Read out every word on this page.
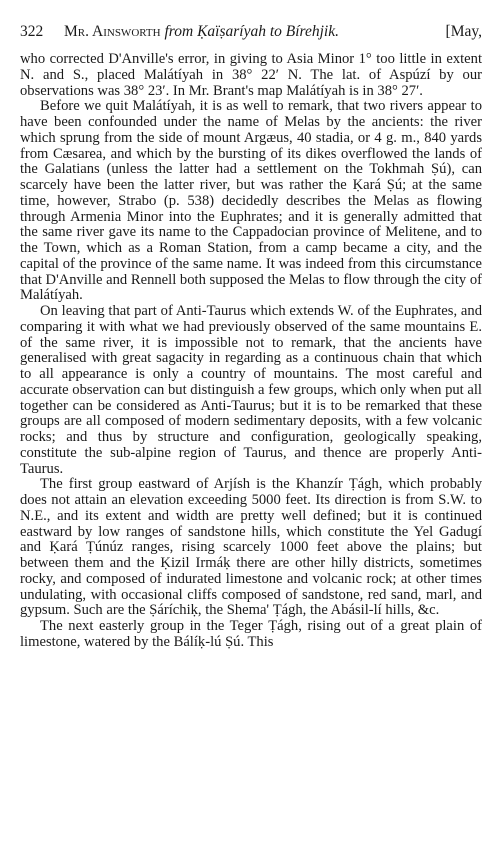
322 Mr. Ainsworth from Ḳaïṣaríyah to Bírehjik.	[May,

who corrected D'Anville's error, in giving to Asia Minor 1° too little in extent N. and S., placed Malátíyah in 38° 22′ N. The lat. of Aspúzí by our observations was 38° 23′. In Mr. Brant's map Malátíyah is in 38° 27′.

Before we quit Malátíyah, it is as well to remark, that two rivers appear to have been confounded under the name of Melas by the ancients: the river which sprung from the side of mount Argæus, 40 stadia, or 4 g. m., 840 yards from Cæsarea, and which by the bursting of its dikes overflowed the lands of the Galatians (unless the latter had a settlement on the Tokhmah Ṣú), can scarcely have been the latter river, but was rather the Ḳará Ṣú; at the same time, however, Strabo (p. 538) decidedly describes the Melas as flowing through Armenia Minor into the Euphrates; and it is generally admitted that the same river gave its name to the Cappadocian province of Melitene, and to the Town, which as a Roman Station, from a camp became a city, and the capital of the province of the same name. It was indeed from this circumstance that D'Anville and Rennell both supposed the Melas to flow through the city of Malátíyah.

On leaving that part of Anti-Taurus which extends W. of the Euphrates, and comparing it with what we had previously observed of the same mountains E. of the same river, it is impossible not to remark, that the ancients have generalised with great sagacity in regarding as a continuous chain that which to all appearance is only a country of mountains. The most careful and accurate observation can but distinguish a few groups, which only when put all together can be considered as Anti-Taurus; but it is to be remarked that these groups are all composed of modern sedimentary deposits, with a few volcanic rocks; and thus by structure and configuration, geologically speaking, constitute the sub-alpine region of Taurus, and thence are properly Anti-Taurus.

The first group eastward of Arjísh is the Khanzír Ṭágh, which probably does not attain an elevation exceeding 5000 feet. Its direction is from S.W. to N.E., and its extent and width are pretty well defined; but it is continued eastward by low ranges of sandstone hills, which constitute the Yel Gadugí and Ḳará Ṭúnúz ranges, rising scarcely 1000 feet above the plains; but between them and the Ḳizil Irmáḳ there are other hilly districts, sometimes rocky, and composed of indurated limestone and volcanic rock; at other times undulating, with occasional cliffs composed of sandstone, red sand, marl, and gypsum. Such are the Ṣáríchiḳ, the Shema' Ṭágh, the Abásil-lí hills, &c.

The next easterly group in the Teger Ṭágh, rising out of a great plain of limestone, watered by the Bálíḳ-lú Ṣú. This
